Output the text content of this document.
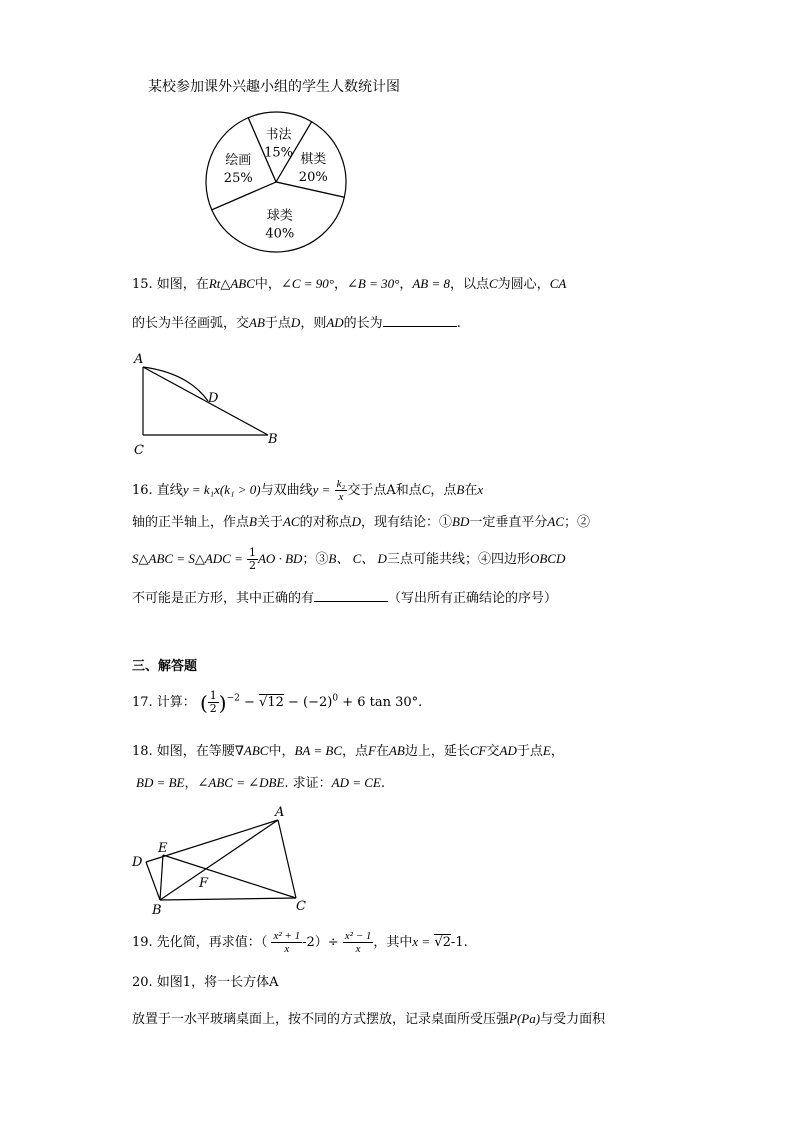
某校参加课外兴趣小组的学生人数统计图
书法
15% 棋类
20%
球类
40%
绘画
25%
15. 如图，在Rt△ABC中，∠C = 90°，∠B = 30°，AB = 8，以点C为圆心，CA
的长为半径画弧，交AB于点D，则AD的长为	.
A
D
C
B
16. 直线y = k₁x(k₁ > 0)与双曲线$y = \frac{\text{k₂}}{x}$ 交于点A和点C，点B在x
轴的正半轴上，作点B关于AC的对称点D，现有结论：①BD一定垂直平分AC；②
S△ABC = S△ADC = $\frac{1}{2}$ AO · BD；③B、 C、 D三点可能共线；④四边形OBCD
不可能是正方形，其中正确的有	（写出所有正确结论的序号）
三、解答题
17. 计算： ( $\frac{1}{2} )^{-2} - √12 - (-2)^0 + 6$ tan 30°.
18. 如图，在等腰∇ABC中，BA = BC，点F在AB边上，延长CF交AD于点E，
BD = BE，∠ABC = ∠DBE. 求证：AD = CE.
A
E
D
F
B	C
19. 先化简，再求值：（ $\frac{\text{x² + 1}}{x} -2)\div \frac{\text{x² − 1}}{x}$ ，其中x = √2-1.
20. 如图1，将一长方体A
放置于一水平玻璃桌面上，按不同的方式摆放，记录桌面所受压强P(Pa)与受力面积
